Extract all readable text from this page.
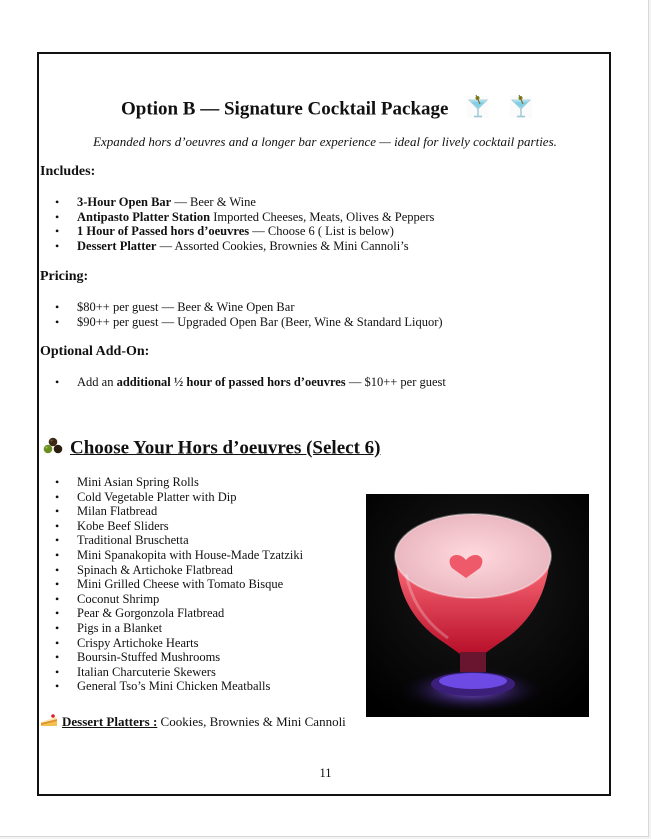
Option B — Signature Cocktail Package

Expanded hors d’oeuvres and a longer bar experience — ideal for lively cocktail parties.

Includes:
• 3-Hour Open Bar — Beer & Wine
• Antipasto Platter Station Imported Cheeses, Meats, Olives & Peppers
• 1 Hour of Passed hors d’oeuvres — Choose 6 ( List is below)
• Dessert Platter — Assorted Cookies, Brownies & Mini Cannoli’s
Pricing:
• $80++ per guest — Beer & Wine Open Bar
• $90++ per guest — Upgraded Open Bar (Beer, Wine & Standard Liquor)
Optional Add-On:
• Add an additional ½ hour of passed hors d’oeuvres — $10++ per guest
Choose Your Hors d’oeuvres (Select 6)
• Mini Asian Spring Rolls
• Cold Vegetable Platter with Dip
• Milan Flatbread
• Kobe Beef Sliders
• Traditional Bruschetta
• Mini Spanakopita with House-Made Tzatziki
• Spinach & Artichoke Flatbread
• Mini Grilled Cheese with Tomato Bisque
• Coconut Shrimp
• Pear & Gorgonzola Flatbread
• Pigs in a Blanket
• Crispy Artichoke Hearts
• Boursin-Stuffed Mushrooms
• Italian Charcuterie Skewers
• General Tso’s Mini Chicken Meatballs

Dessert Platters : Cookies, Brownies & Mini Cannoli

11
